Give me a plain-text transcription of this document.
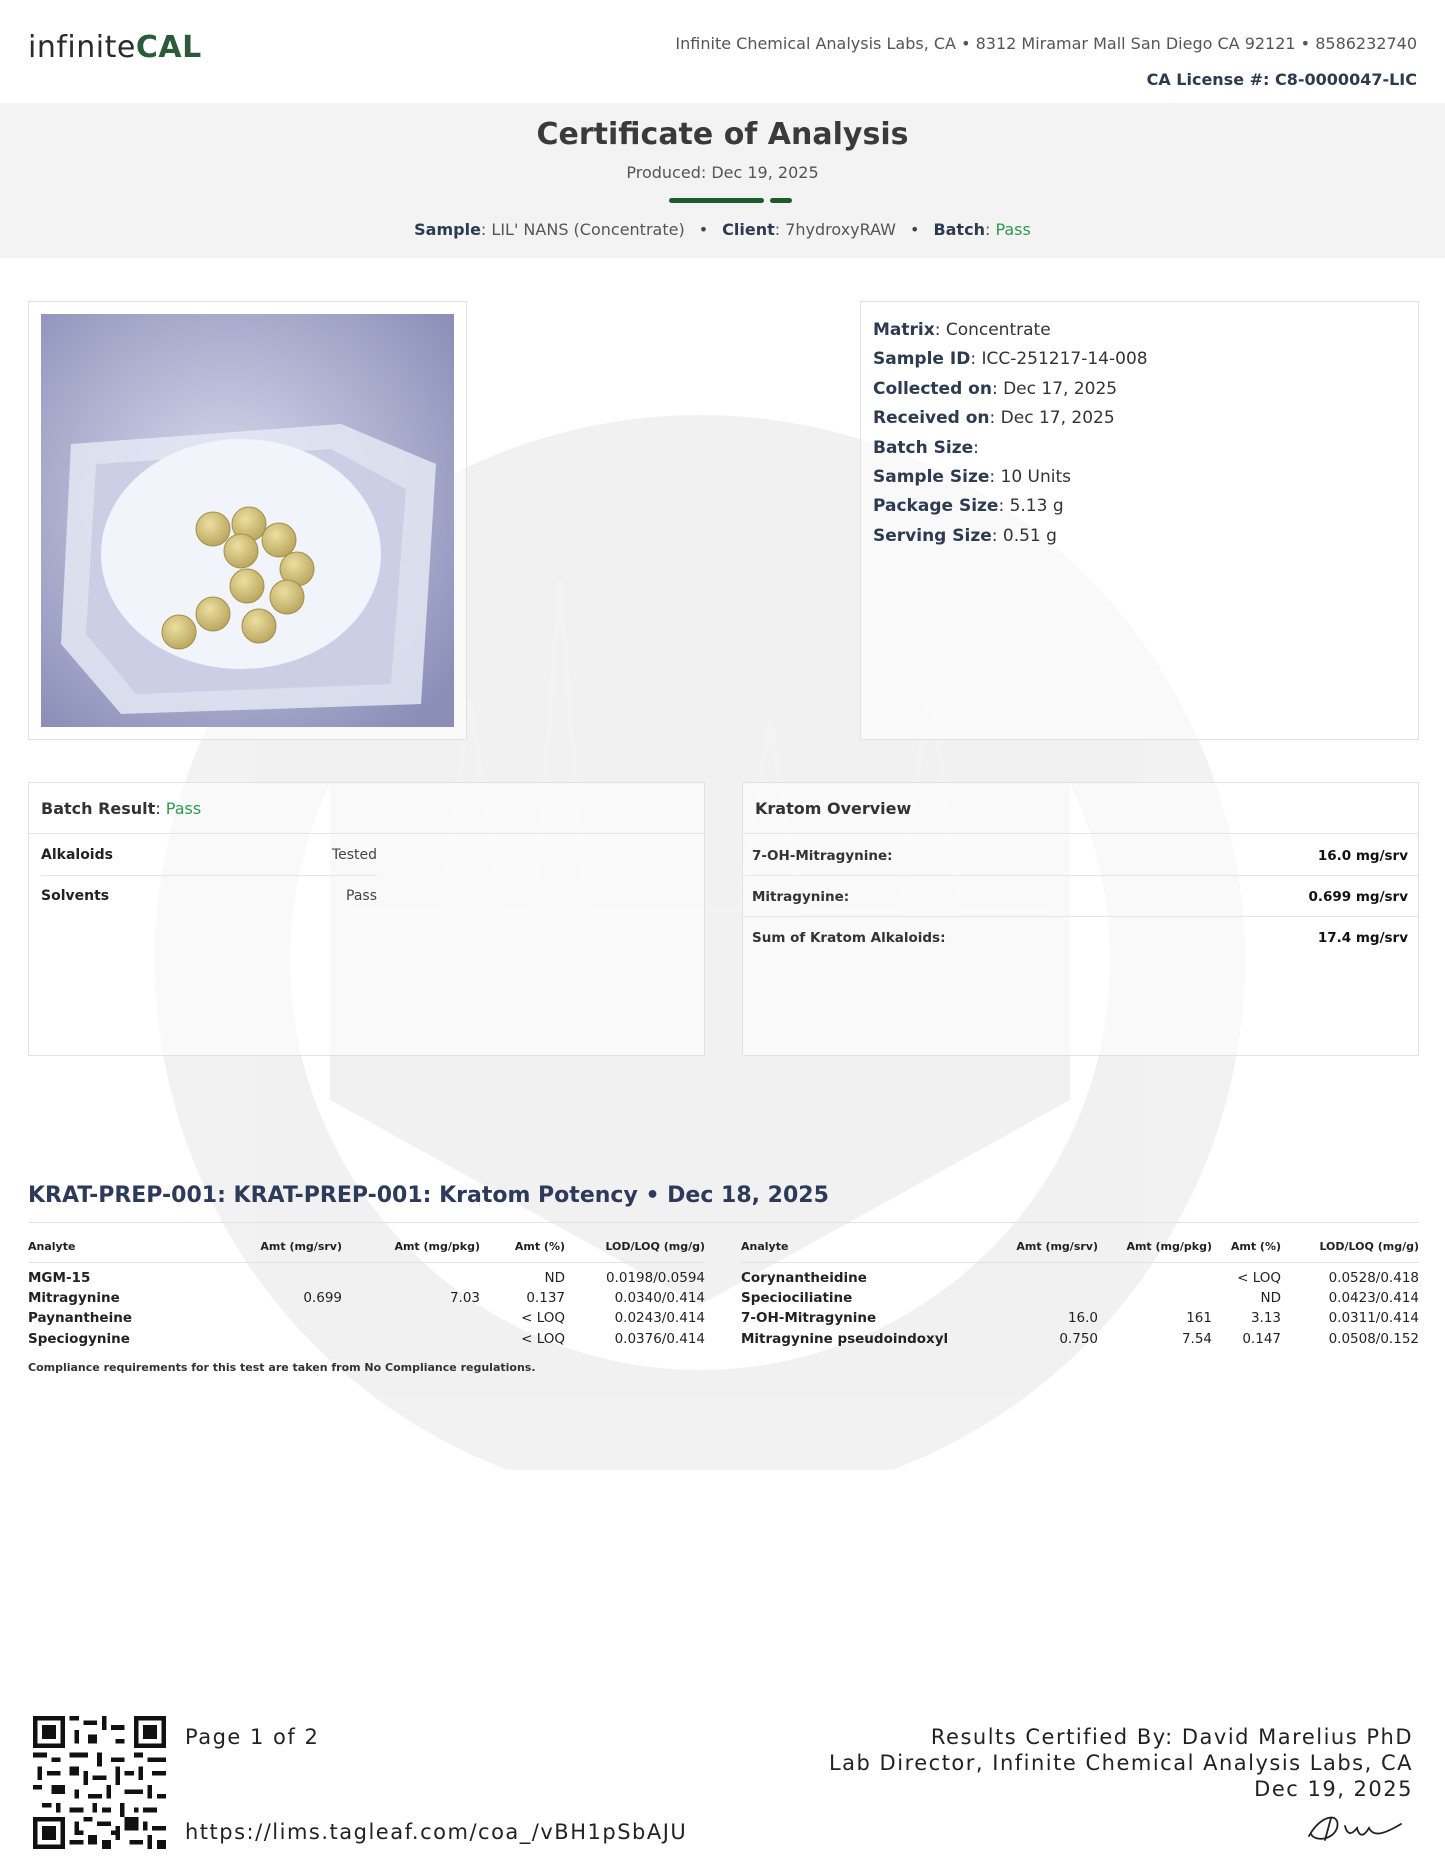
infiniteCAL	Infinite Chemical Analysis Labs, CA • 8312 Miramar Mall San Diego CA 92121 • 8586232740
CA License #: C8-0000047-LIC
Certificate of Analysis
Produced: Dec 19, 2025
Sample: LIL' NANS (Concentrate) • Client: 7hydroxyRAW • Batch: Pass
Matrix: Concentrate
Sample ID: ICC-251217-14-008
Collected on: Dec 17, 2025
Received on: Dec 17, 2025
Batch Size:
Sample Size: 10 Units
Package Size: 5.13 g
Serving Size: 0.51 g
Batch Result: Pass
Alkaloids	Tested
Solvents	Pass
Kratom Overview
7-OH-Mitragynine:	16.0 mg/srv
Mitragynine:	0.699 mg/srv
Sum of Kratom Alkaloids:	17.4 mg/srv
KRAT-PREP-001: KRAT-PREP-001: Kratom Potency • Dec 18, 2025
Analyte	Amt (mg/srv)	Amt (mg/pkg)	Amt (%)	LOD/LOQ (mg/g)
MGM-15			ND	0.0198/0.0594
Mitragynine	0.699	7.03	0.137	0.0340/0.414
Paynantheine			< LOQ	0.0243/0.414
Speciogynine			< LOQ	0.0376/0.414
Analyte	Amt (mg/srv)	Amt (mg/pkg)	Amt (%)	LOD/LOQ (mg/g)
Corynantheidine			< LOQ	0.0528/0.418
Speciociliatine			ND	0.0423/0.414
7-OH-Mitragynine	16.0	161	3.13	0.0311/0.414
Mitragynine pseudoindoxyl	0.750	7.54	0.147	0.0508/0.152
Compliance requirements for this test are taken from No Compliance regulations.
Page 1 of 2
https://lims.tagleaf.com/coa_/vBH1pSbAJU
Results Certified By: David Marelius PhD
Lab Director, Infinite Chemical Analysis Labs, CA
Dec 19, 2025
